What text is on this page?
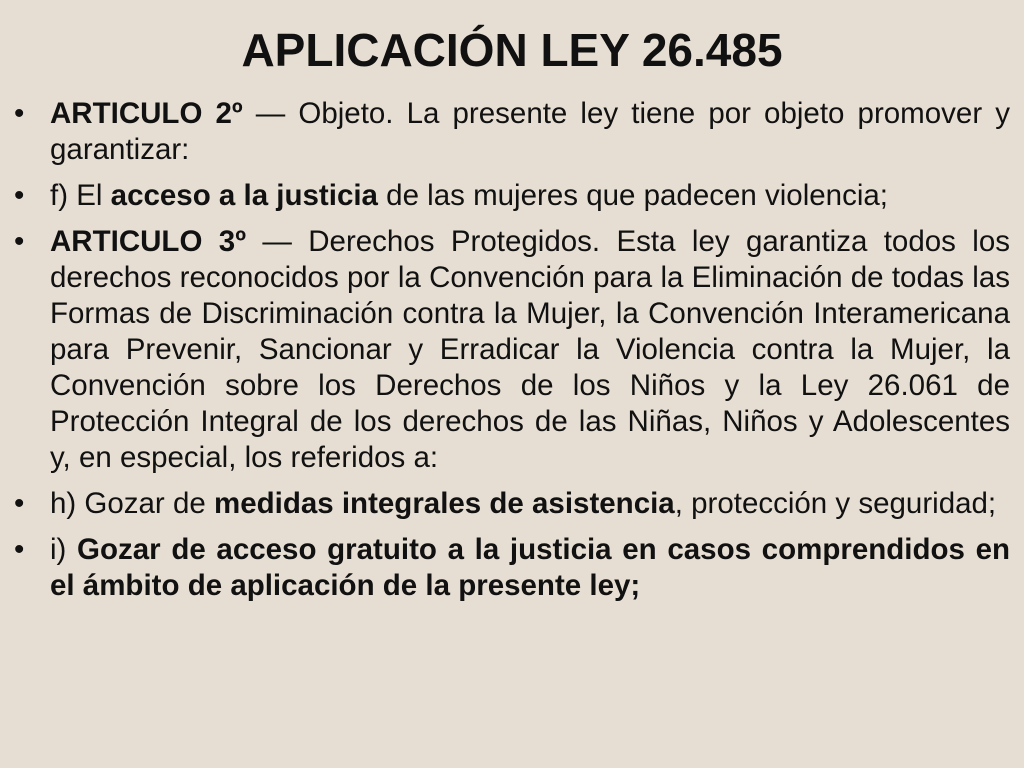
APLICACIÓN LEY 26.485
• ARTICULO 2º — Objeto. La presente ley tiene por objeto promover y garantizar:
• f) El acceso a la justicia de las mujeres que padecen violencia;
• ARTICULO 3º — Derechos Protegidos. Esta ley garantiza todos los derechos reconocidos por la Convención para la Eliminación de todas las Formas de Discriminación contra la Mujer, la Convención Interamericana para Prevenir, Sancionar y Erradicar la Violencia contra la Mujer, la Convención sobre los Derechos de los Niños y la Ley 26.061 de Protección Integral de los derechos de las Niñas, Niños y Adolescentes y, en especial, los referidos a:
• h) Gozar de medidas integrales de asistencia, protección y seguridad;
• i) Gozar de acceso gratuito a la justicia en casos comprendidos en el ámbito de aplicación de la presente ley;
